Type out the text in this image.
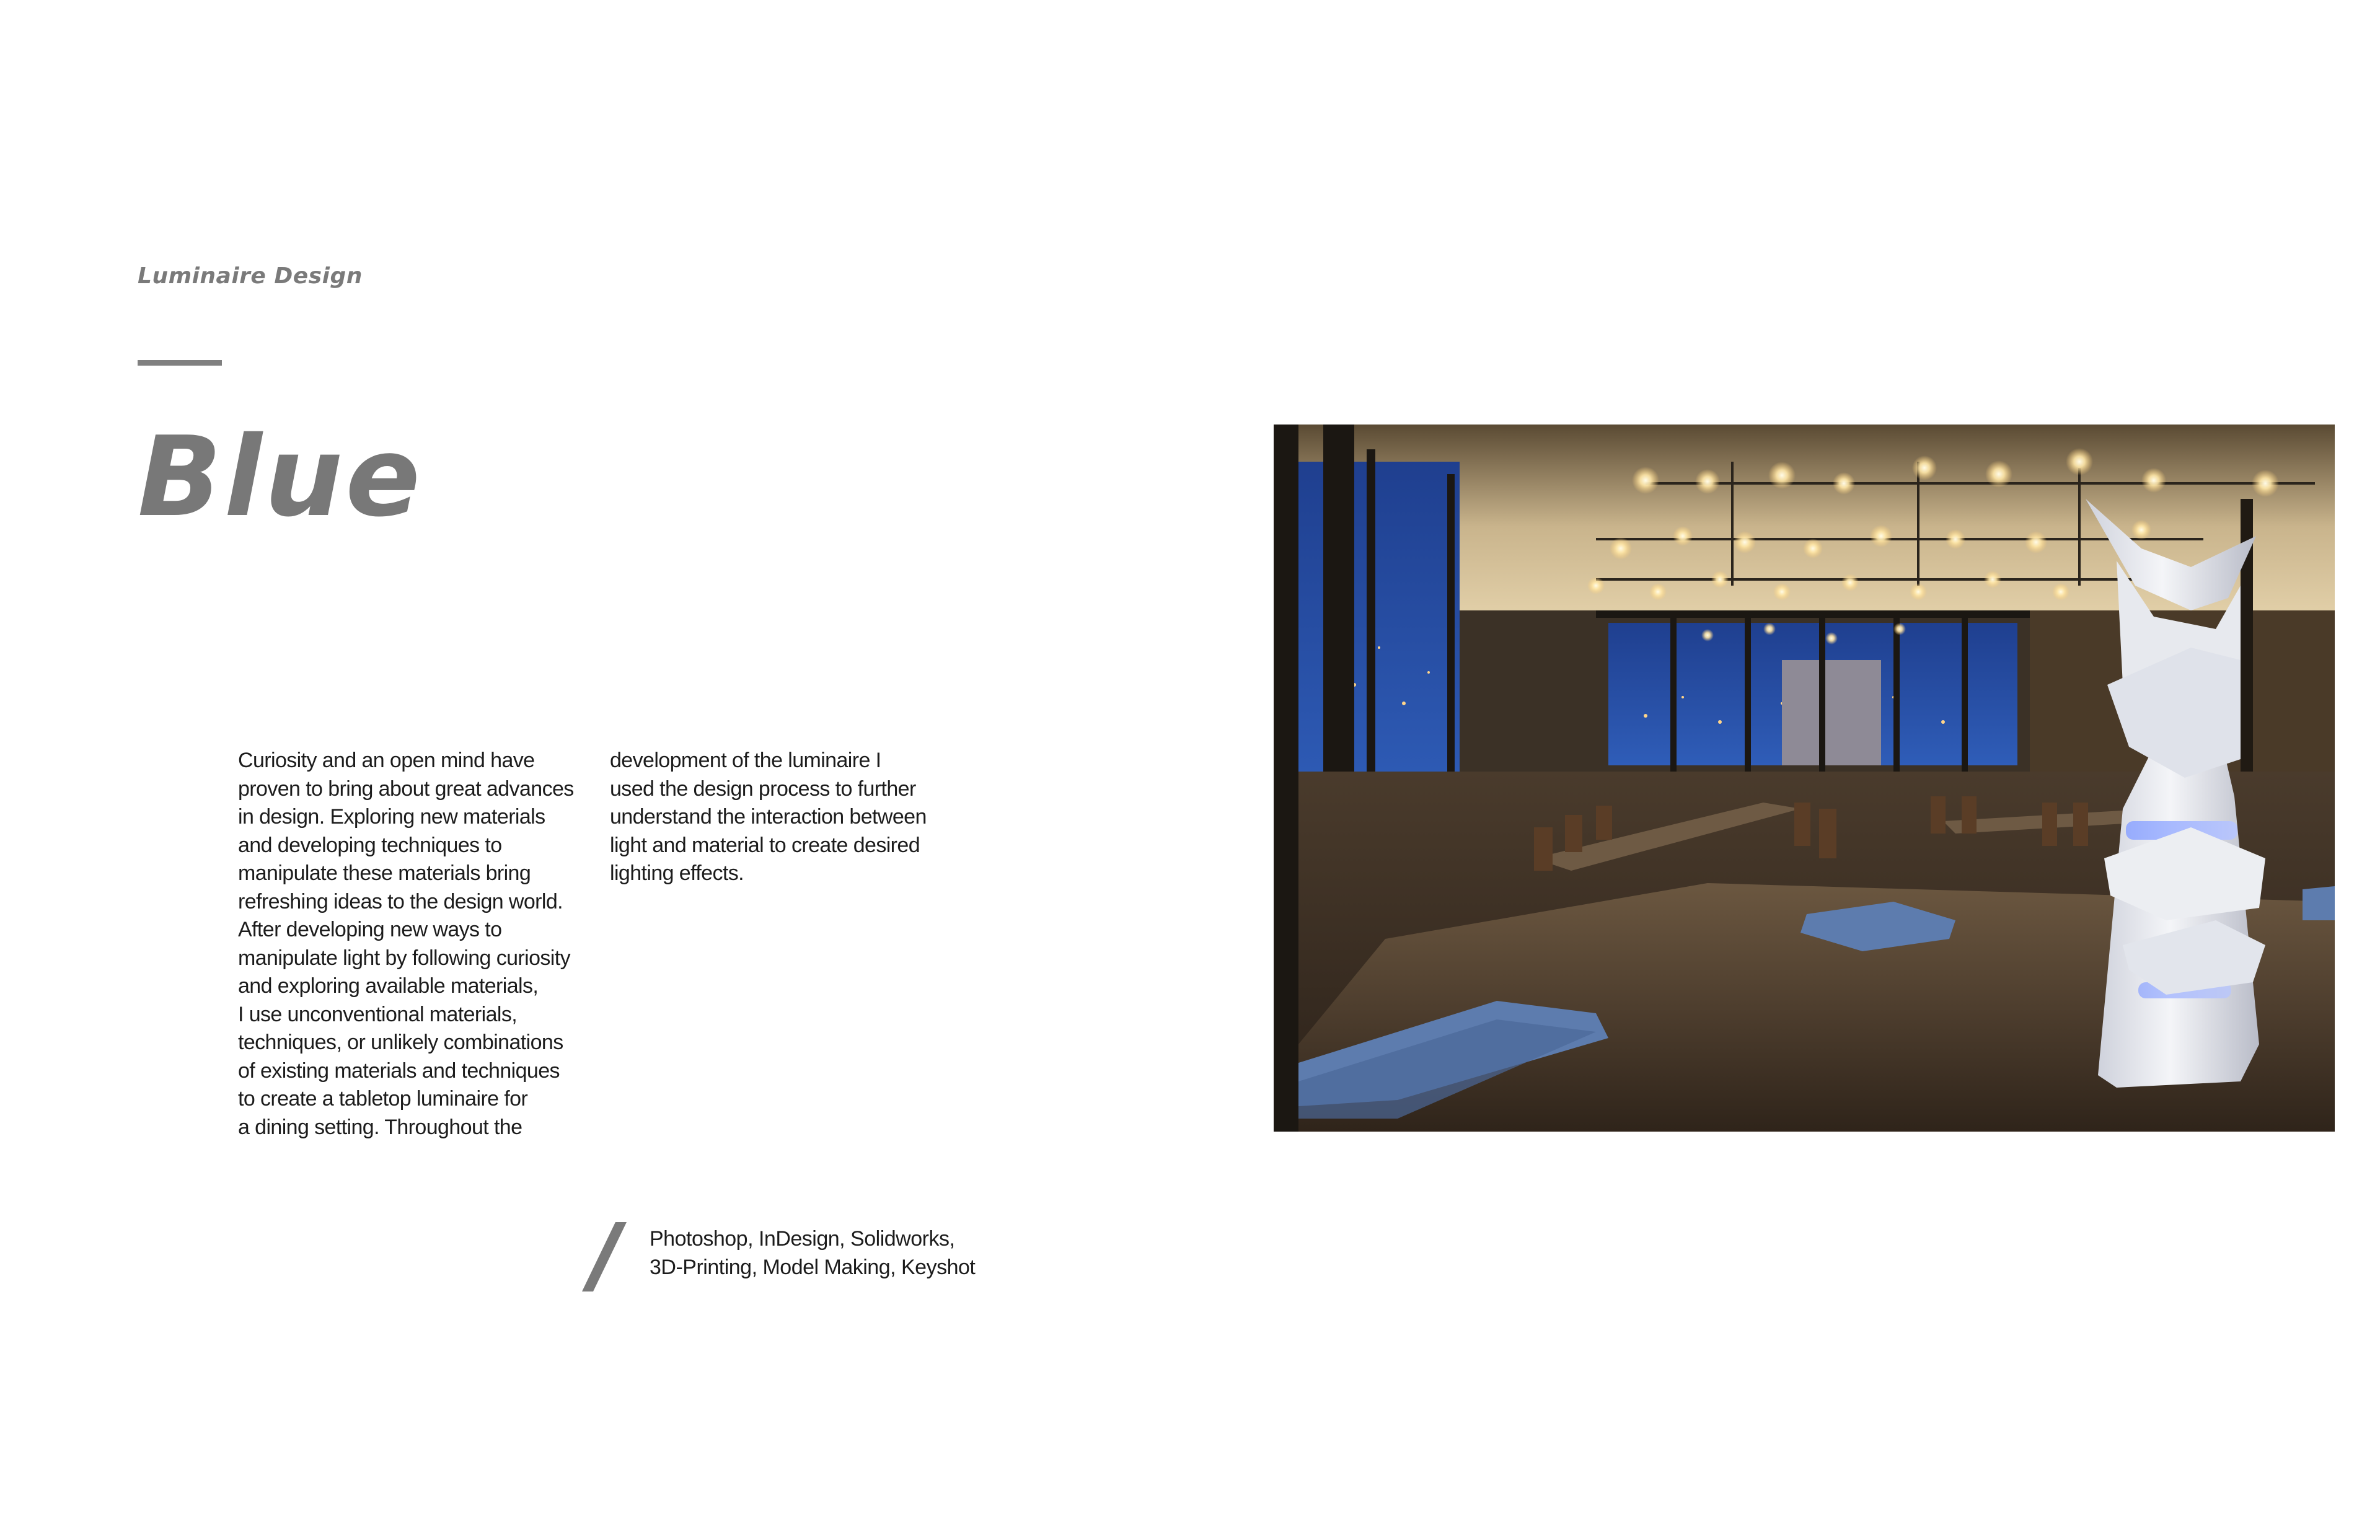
Luminaire Design
Blue
Curiosity and an open mind have
proven to bring about great advances
in design. Exploring new materials
and developing techniques to
manipulate these materials bring
refreshing ideas to the design world.
After developing new ways to
manipulate light by following curiosity
and exploring available materials,
I use unconventional materials,
techniques, or unlikely combinations
of existing materials and techniques
to create a tabletop luminaire for
a dining setting. Throughout the
development of the luminaire I
used the design process to further
understand the interaction between
light and material to create desired
lighting effects.
Photoshop, InDesign, Solidworks,
3D-Printing, Model Making, Keyshot
